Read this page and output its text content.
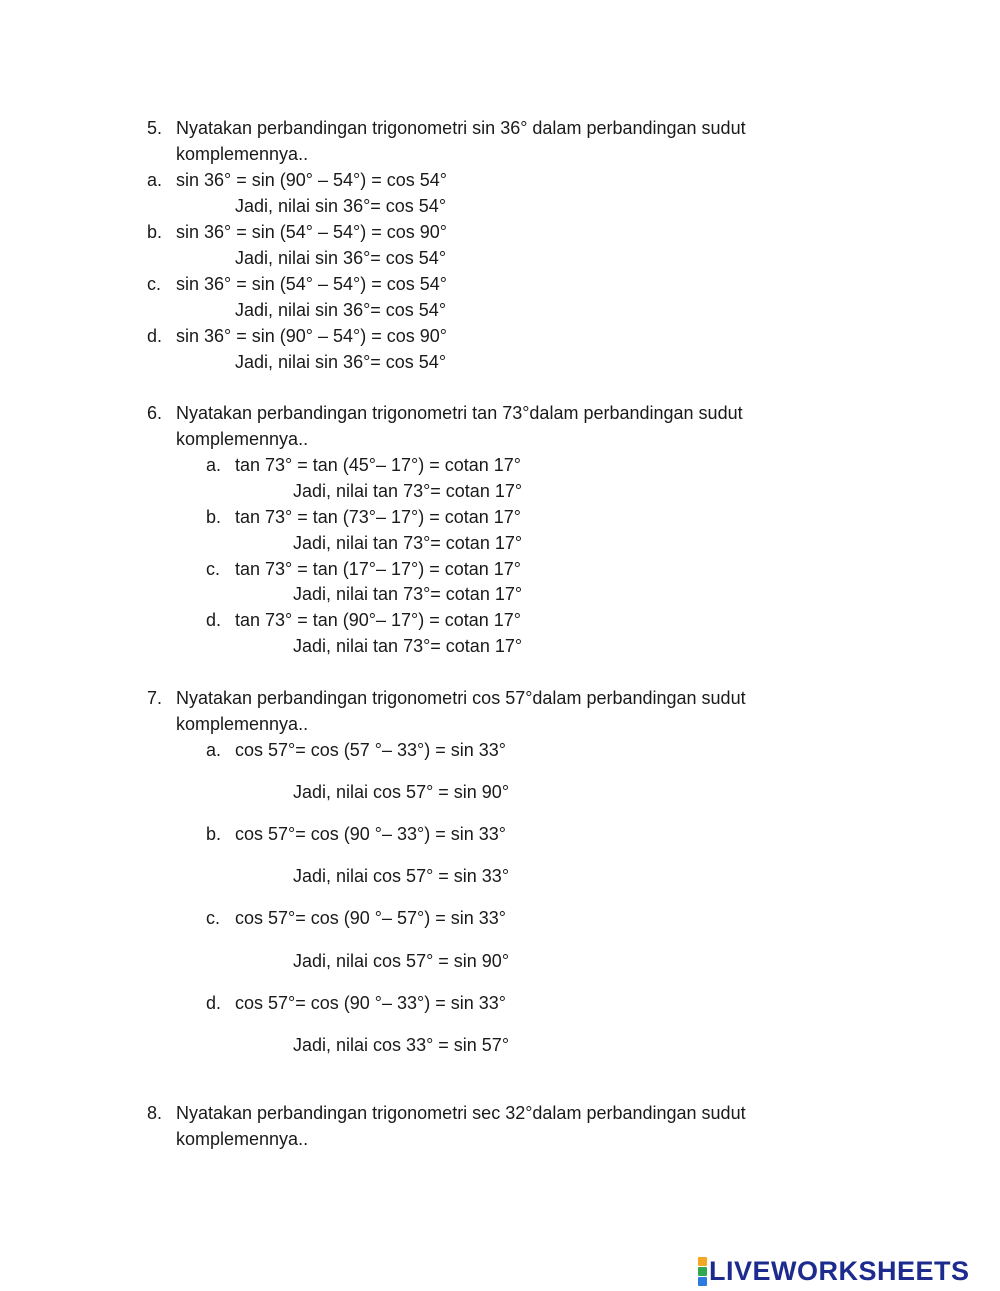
5. Nyatakan perbandingan trigonometri sin 36° dalam perbandingan sudut
komplemennya..
a. sin 36° = sin (90° – 54°) = cos 54°
Jadi, nilai sin 36°= cos 54°
b. sin 36° = sin (54° – 54°) = cos 90°
Jadi, nilai sin 36°= cos 54°
c. sin 36° = sin (54° – 54°) = cos 54°
Jadi, nilai sin 36°= cos 54°
d. sin 36° = sin (90° – 54°) = cos 90°
Jadi, nilai sin 36°= cos 54°
6. Nyatakan perbandingan trigonometri tan 73°dalam perbandingan sudut
komplemennya..
a. tan 73° = tan (45°– 17°) = cotan 17°
Jadi, nilai tan 73°= cotan 17°
b. tan 73° = tan (73°– 17°) = cotan 17°
Jadi, nilai tan 73°= cotan 17°
c. tan 73° = tan (17°– 17°) = cotan 17°
Jadi, nilai tan 73°= cotan 17°
d. tan 73° = tan (90°– 17°) = cotan 17°
Jadi, nilai tan 73°= cotan 17°
7. Nyatakan perbandingan trigonometri cos 57°dalam perbandingan sudut
komplemennya..
a. cos 57°= cos (57 °– 33°) = sin 33°
Jadi, nilai cos 57° = sin 90°
b. cos 57°= cos (90 °– 33°) = sin 33°
Jadi, nilai cos 57° = sin 33°
c. cos 57°= cos (90 °– 57°) = sin 33°
Jadi, nilai cos 57° = sin 90°
d. cos 57°= cos (90 °– 33°) = sin 33°
Jadi, nilai cos 33° = sin 57°
8. Nyatakan perbandingan trigonometri sec 32°dalam perbandingan sudut
komplemennya..
LIVEWORKSHEETS
